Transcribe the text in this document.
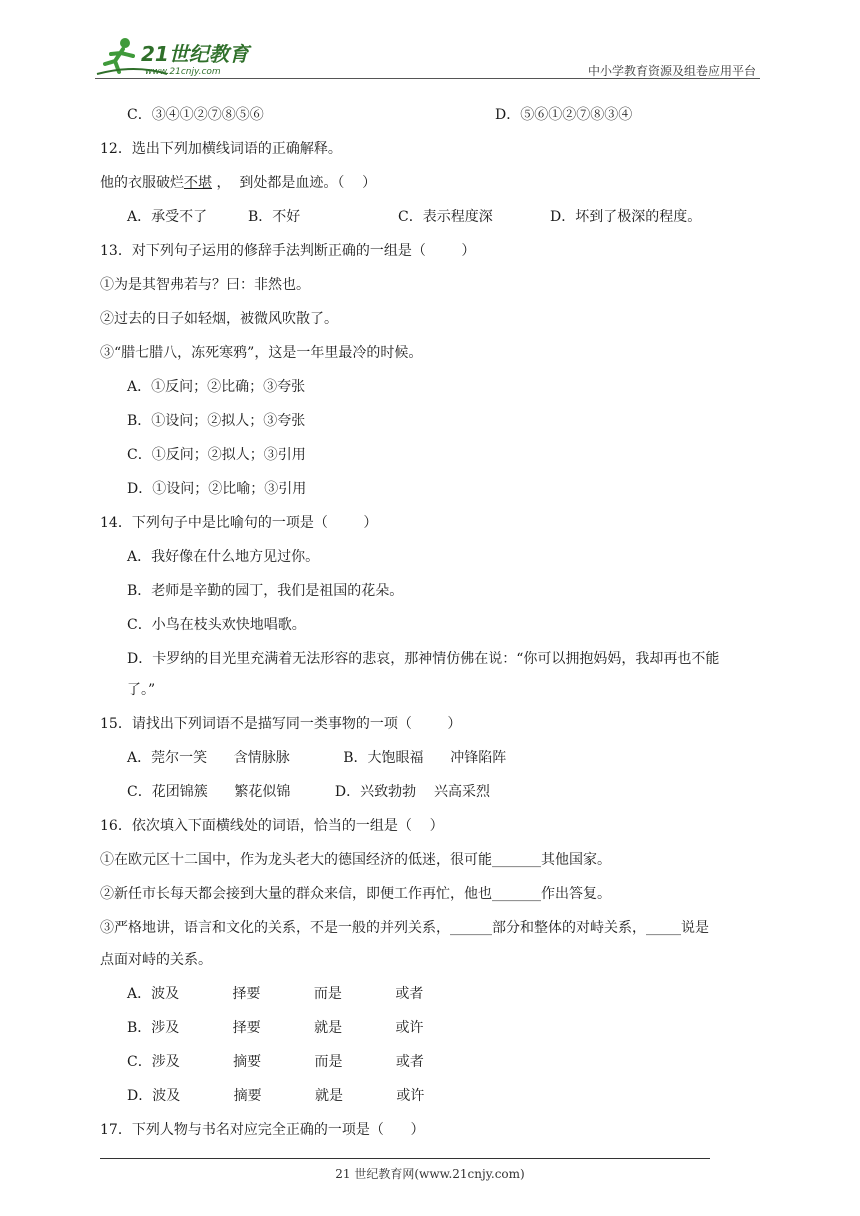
21世纪教育
www.21cnjy.com	中小学教育资源及组卷应用平台
C．③④①②⑦⑧⑤⑥	D．⑤⑥①②⑦⑧③④
12．选出下列加横线词语的正确解释。
他的衣服破烂不堪 ，  到处都是血迹。（    ）
A．承受不了	B．不好	C．表示程度深	D．坏到了极深的程度。
13．对下列句子运用的修辞手法判断正确的一组是（        ）
①为是其智弗若与？曰：非然也。
②过去的日子如轻烟，被微风吹散了。
③“腊七腊八，冻死寒鸦”，这是一年里最冷的时候。
A．①反问；②比确；③夸张
B．①设问；②拟人；③夸张
C．①反问；②拟人；③引用
D．①设问；②比喻；③引用
14．下列句子中是比喻句的一项是（        ）
A．我好像在什么地方见过你。
B．老师是辛勤的园丁，我们是祖国的花朵。
C．小鸟在枝头欢快地唱歌。
D．卡罗纳的目光里充满着无法形容的悲哀，那神情仿佛在说：“你可以拥抱妈妈，我却再也不能
了。”
15．请找出下列词语不是描写同一类事物的一项（        ）
A．莞尔一笑      含情脉脉            B．大饱眼福      冲锋陷阵
C．花团锦簇      繁花似锦          D．兴致勃勃    兴高采烈
16．依次填入下面横线处的词语，恰当的一组是（    ）
①在欧元区十二国中，作为龙头老大的德国经济的低迷，很可能_______其他国家。
②新任市长每天都会接到大量的群众来信，即便工作再忙，他也_______作出答复。
③严格地讲，语言和文化的关系，不是一般的并列关系，______部分和整体的对峙关系，_____说是
点面对峙的关系。
A．波及            择要            而是            或者
B．涉及            择要            就是            或许
C．涉及            摘要            而是            或者
D．波及            摘要            就是            或许
17．下列人物与书名对应完全正确的一项是（      ）
21 世纪教育网(www.21cnjy.com)
